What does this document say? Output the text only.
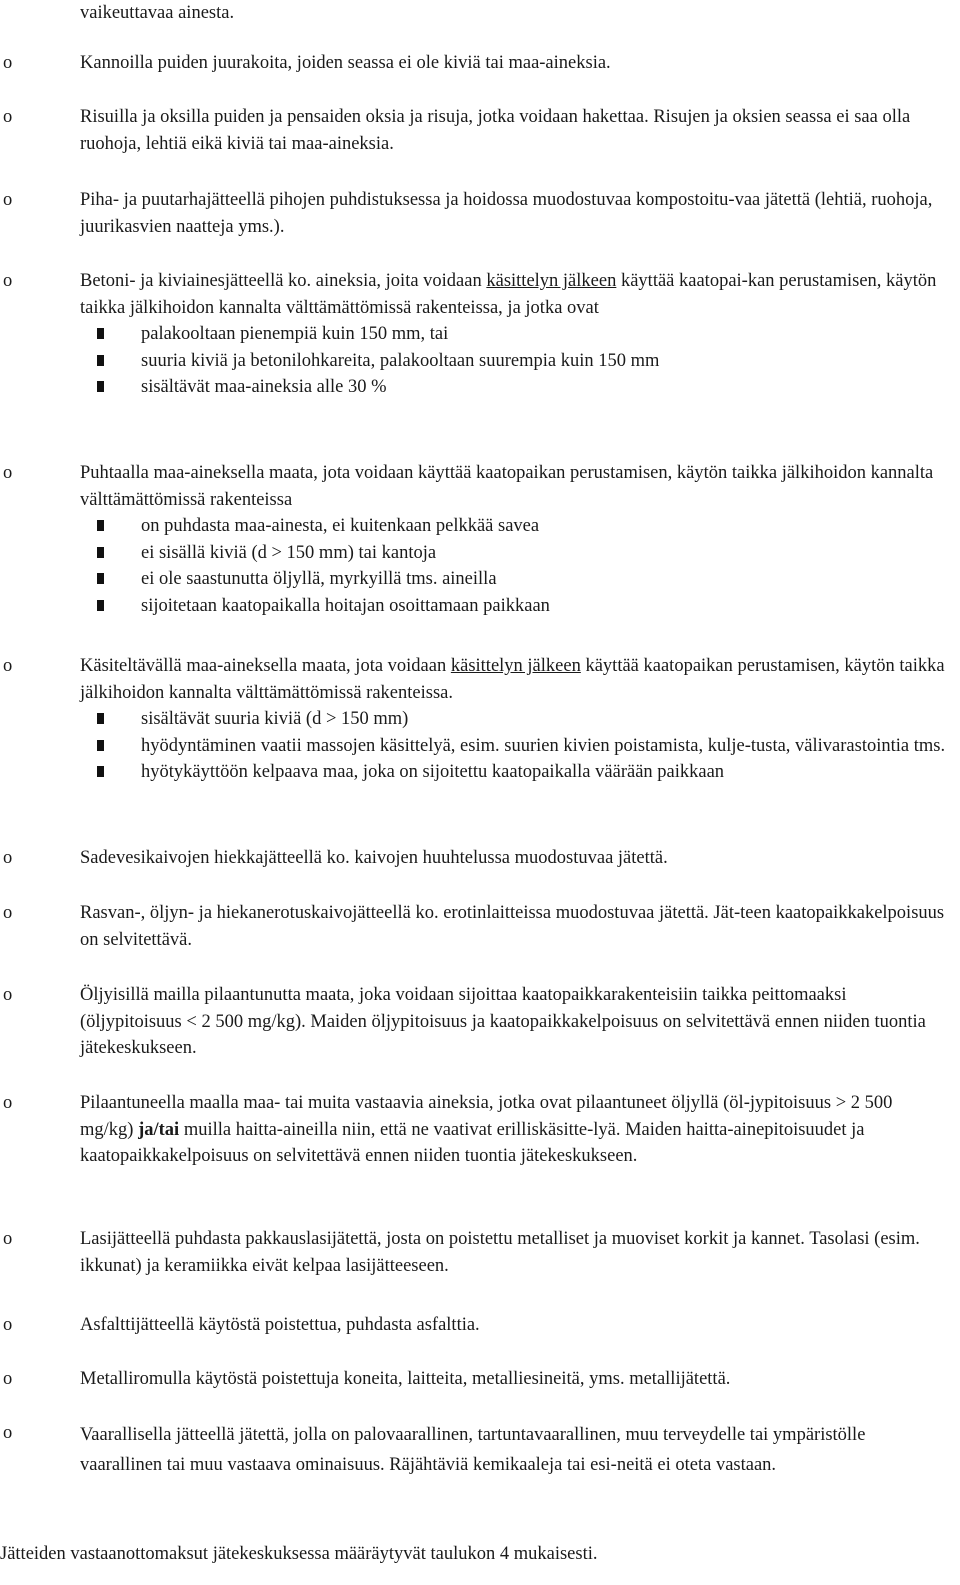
vaikeuttavaa ainesta.
o	Kannoilla puiden juurakoita, joiden seassa ei ole kiviä tai maa-aineksia.

o	Risuilla ja oksilla puiden ja pensaiden oksia ja risuja, jotka voidaan hakettaa. Risujen ja oksien seassa ei saa olla ruohoja, lehtiä eikä kiviä tai maa-aineksia.

o	Piha- ja puutarhajätteellä pihojen puhdistuksessa ja hoidossa muodostuvaa kompostoitu-vaa jätettä (lehtiä, ruohoja, juurikasvien naatteja yms.).

o	Betoni- ja kiviainesjätteellä ko. aineksia, joita voidaan käsittelyn jälkeen käyttää kaatopai-kan perustamisen, käytön taikka jälkihoidon kannalta välttämättömissä rakenteissa, ja jotka ovat

palakooltaan pienempiä kuin 150 mm, tai
suuria kiviä ja betonilohkareita, palakooltaan suurempia kuin 150 mm
sisältävät maa-aineksia alle 30 %
o	Puhtaalla maa-aineksella maata, jota voidaan käyttää kaatopaikan perustamisen, käytön taikka jälkihoidon kannalta välttämättömissä rakenteissa

on puhdasta maa-ainesta, ei kuitenkaan pelkkää savea
ei sisällä kiviä (d > 150 mm) tai kantoja
ei ole saastunutta öljyllä, myrkyillä tms. aineilla
sijoitetaan kaatopaikalla hoitajan osoittamaan paikkaan
o	Käsiteltävällä maa-aineksella maata, jota voidaan käsittelyn jälkeen käyttää kaatopaikan perustamisen, käytön taikka jälkihoidon kannalta välttämättömissä rakenteissa.

sisältävät suuria kiviä (d > 150 mm)
hyödyntäminen vaatii massojen käsittelyä, esim. suurien kivien poistamista, kulje-tusta, välivarastointia tms.
hyötykäyttöön kelpaava maa, joka on sijoitettu kaatopaikalla väärään paikkaan
o	Sadevesikaivojen hiekkajätteellä ko. kaivojen huuhtelussa muodostuvaa jätettä.

o	Rasvan-, öljyn- ja hiekanerotuskaivojätteellä ko. erotinlaitteissa muodostuvaa jätettä. Jät-teen kaatopaikkakelpoisuus on selvitettävä.

o	Öljyisillä mailla pilaantunutta maata, joka voidaan sijoittaa kaatopaikkarakenteisiin taikka peittomaaksi (öljypitoisuus < 2 500 mg/kg). Maiden öljypitoisuus ja kaatopaikkakelpoisuus on selvitettävä ennen niiden tuontia jätekeskukseen.

o	Pilaantuneella maalla maa- tai muita vastaavia aineksia, jotka ovat pilaantuneet öljyllä (öl-jypitoisuus > 2 500 mg/kg) ja/tai muilla haitta-aineilla niin, että ne vaativat erilliskäsitte-lyä. Maiden haitta-ainepitoisuudet ja kaatopaikkakelpoisuus on selvitettävä ennen niiden tuontia jätekeskukseen.

o	Lasijätteellä puhdasta pakkauslasijätettä, josta on poistettu metalliset ja muoviset korkit ja kannet. Tasolasi (esim. ikkunat) ja keramiikka eivät kelpaa lasijätteeseen.

o	Asfalttijätteellä käytöstä poistettua, puhdasta asfalttia.

o	Metalliromulla käytöstä poistettuja koneita, laitteita, metalliesineitä, yms. metallijätettä.

o	Vaarallisella jätteellä jätettä, jolla on palovaarallinen, tartuntavaarallinen, muu terveydelle tai ympäristölle vaarallinen tai muu vastaava ominaisuus. Räjähtäviä kemikaaleja tai esi-neitä ei oteta vastaan.

Jätteiden vastaanottomaksut jätekeskuksessa määräytyvät taulukon 4 mukaisesti.
